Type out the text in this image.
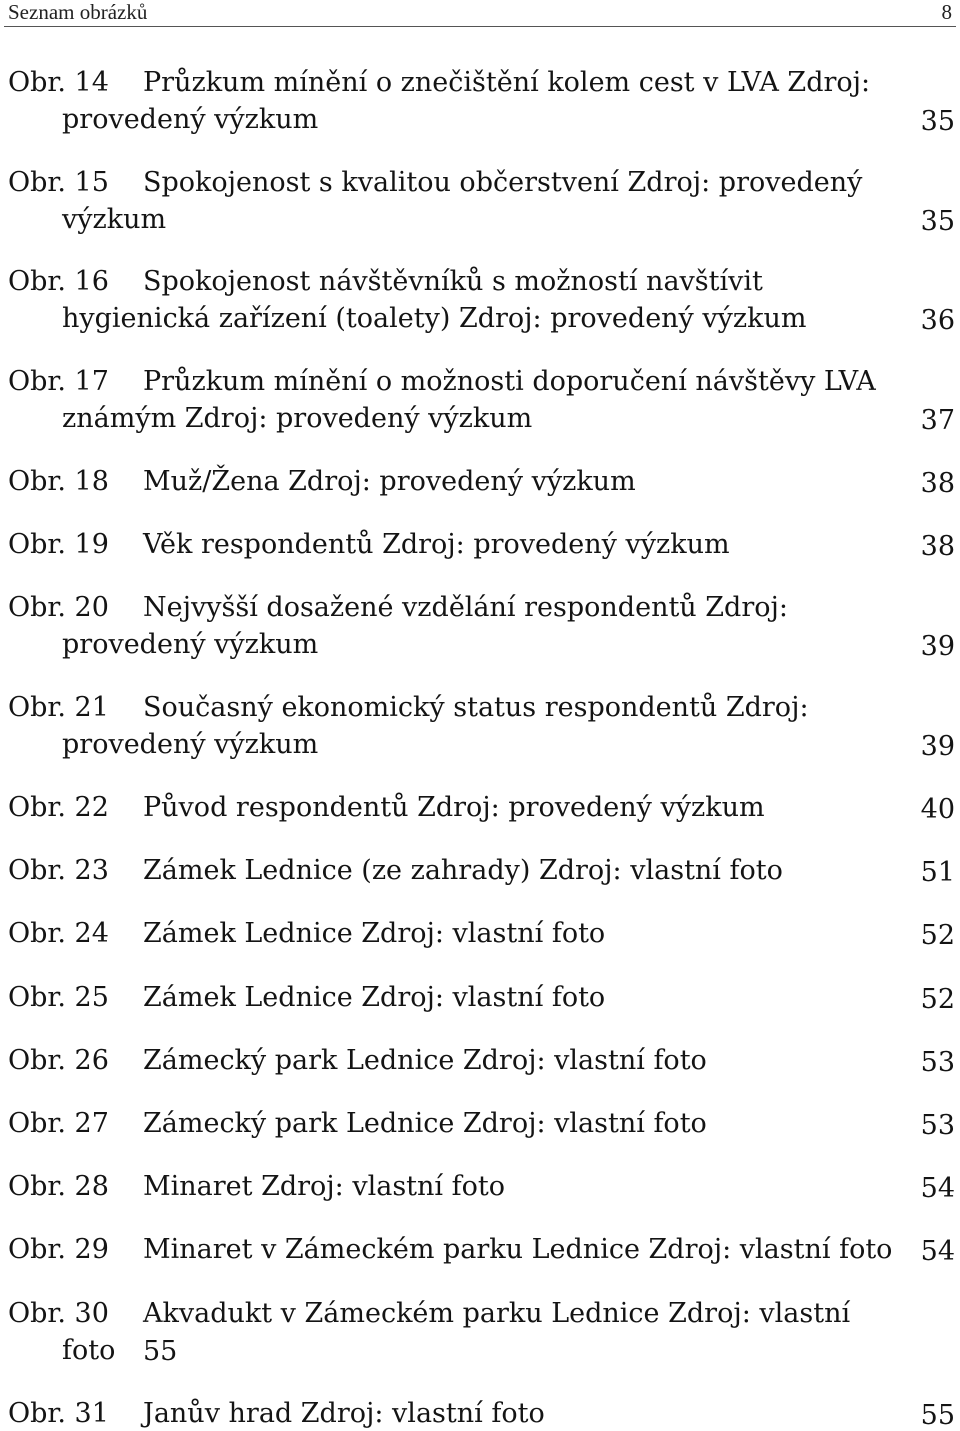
Seznam obrázků	8
Obr. 14 Průzkum mínění o znečištění kolem cest v LVA Zdroj:
provedený výzkum	35
Obr. 15 Spokojenost s kvalitou občerstvení Zdroj: provedený
výzkum	35
Obr. 16 Spokojenost návštěvníků s možností navštívit
hygienická zařízení (toalety) Zdroj: provedený výzkum	36
Obr. 17 Průzkum mínění o možnosti doporučení návštěvy LVA
známým Zdroj: provedený výzkum	37
Obr. 18 Muž/Žena Zdroj: provedený výzkum	38
Obr. 19 Věk respondentů Zdroj: provedený výzkum	38
Obr. 20 Nejvyšší dosažené vzdělání respondentů Zdroj:
provedený výzkum	39
Obr. 21 Současný ekonomický status respondentů Zdroj:
provedený výzkum	39
Obr. 22 Původ respondentů Zdroj: provedený výzkum	40
Obr. 23 Zámek Lednice (ze zahrady) Zdroj: vlastní foto	51
Obr. 24 Zámek Lednice Zdroj: vlastní foto	52
Obr. 25 Zámek Lednice Zdroj: vlastní foto	52
Obr. 26 Zámecký park Lednice Zdroj: vlastní foto	53
Obr. 27 Zámecký park Lednice Zdroj: vlastní foto	53
Obr. 28 Minaret Zdroj: vlastní foto	54
Obr. 29 Minaret v Zámeckém parku Lednice Zdroj: vlastní foto 54
Obr. 30 Akvadukt v Zámeckém parku Lednice Zdroj: vlastní
foto 55
Obr. 31 Janův hrad Zdroj: vlastní foto	55
